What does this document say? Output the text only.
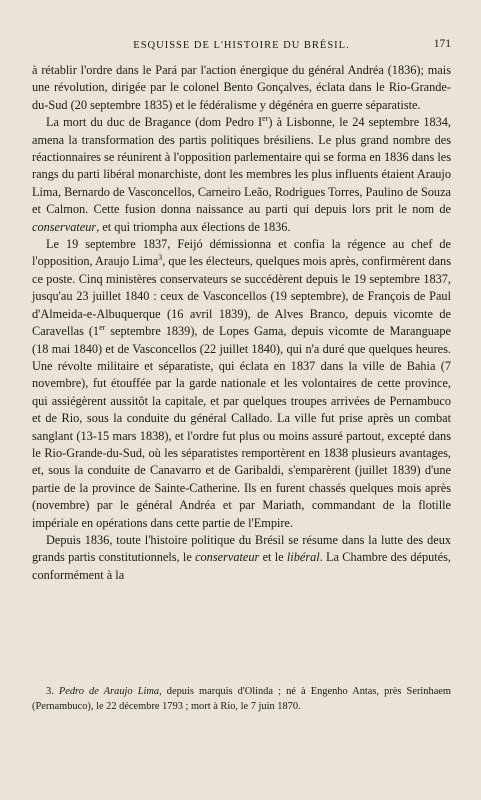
ESQUISSE DE L'HISTOIRE DU BRÉSIL.	171

à rétablir l'ordre dans le Pará par l'action énergique du général Andréa (1836); mais une révolution, dirigée par le colonel Bento Gonçalves, éclata dans le Rio-Grande-du-Sud (20 septembre 1835) et le fédéralisme y dégénéra en guerre séparatiste.

La mort du duc de Bragance (dom Pedro Ier) à Lisbonne, le 24 septembre 1834, amena la transformation des partis politiques brésiliens. Le plus grand nombre des réactionnaires se réunirent à l'opposition parlementaire qui se forma en 1836 dans les rangs du parti libéral monarchiste, dont les membres les plus influents étaient Araujo Lima, Bernardo de Vasconcellos, Carneiro Leão, Rodrigues Torres, Paulino de Souza et Calmon. Cette fusion donna naissance au parti qui depuis lors prit le nom de conservateur, et qui triompha aux élections de 1836.

Le 19 septembre 1837, Feijó démissionna et confia la régence au chef de l'opposition, Araujo Lima$^3$, que les électeurs, quelques mois après, confirmèrent dans ce poste. Cinq ministères conservateurs se succédèrent depuis le 19 septembre 1837, jusqu'au 23 juillet 1840 : ceux de Vasconcellos (19 septembre), de François de Paul d'Almeida-e-Albuquerque (16 avril 1839), de Alves Branco, depuis vicomte de Caravellas (1er septembre 1839), de Lopes Gama, depuis vicomte de Maranguape (18 mai 1840) et de Vasconcellos (22 juillet 1840), qui n'a duré que quelques heures. Une révolte militaire et séparatiste, qui éclata en 1837 dans la ville de Bahia (7 novembre), fut étouffée par la garde nationale et les volontaires de cette province, qui assiégèrent aussitôt la capitale, et par quelques troupes arrivées de Pernambuco et de Rio, sous la conduite du général Callado. La ville fut prise après un combat sanglant (13-15 mars 1838), et l'ordre fut plus ou moins assuré partout, excepté dans le Rio-Grande-du-Sud, où les séparatistes remportèrent en 1838 plusieurs avantages, et, sous la conduite de Canavarro et de Garibaldi, s'emparèrent (juillet 1839) d'une partie de la province de Sainte-Catherine. Ils en furent chassés quelques mois après (novembre) par le général Andréa et par Mariath, commandant de la flotille impériale en opérations dans cette partie de l'Empire.

Depuis 1836, toute l'histoire politique du Brésil se résume dans la lutte des deux grands partis constitutionnels, le conservateur et le libéral. La Chambre des députés, conformément à la

3. Pedro de Araujo Lima, depuis marquis d'Olinda ; né à Engenho Antas, près Serinhaem (Pernambuco), le 22 décembre 1793 ; mort à Rio, le 7 juin 1870.
